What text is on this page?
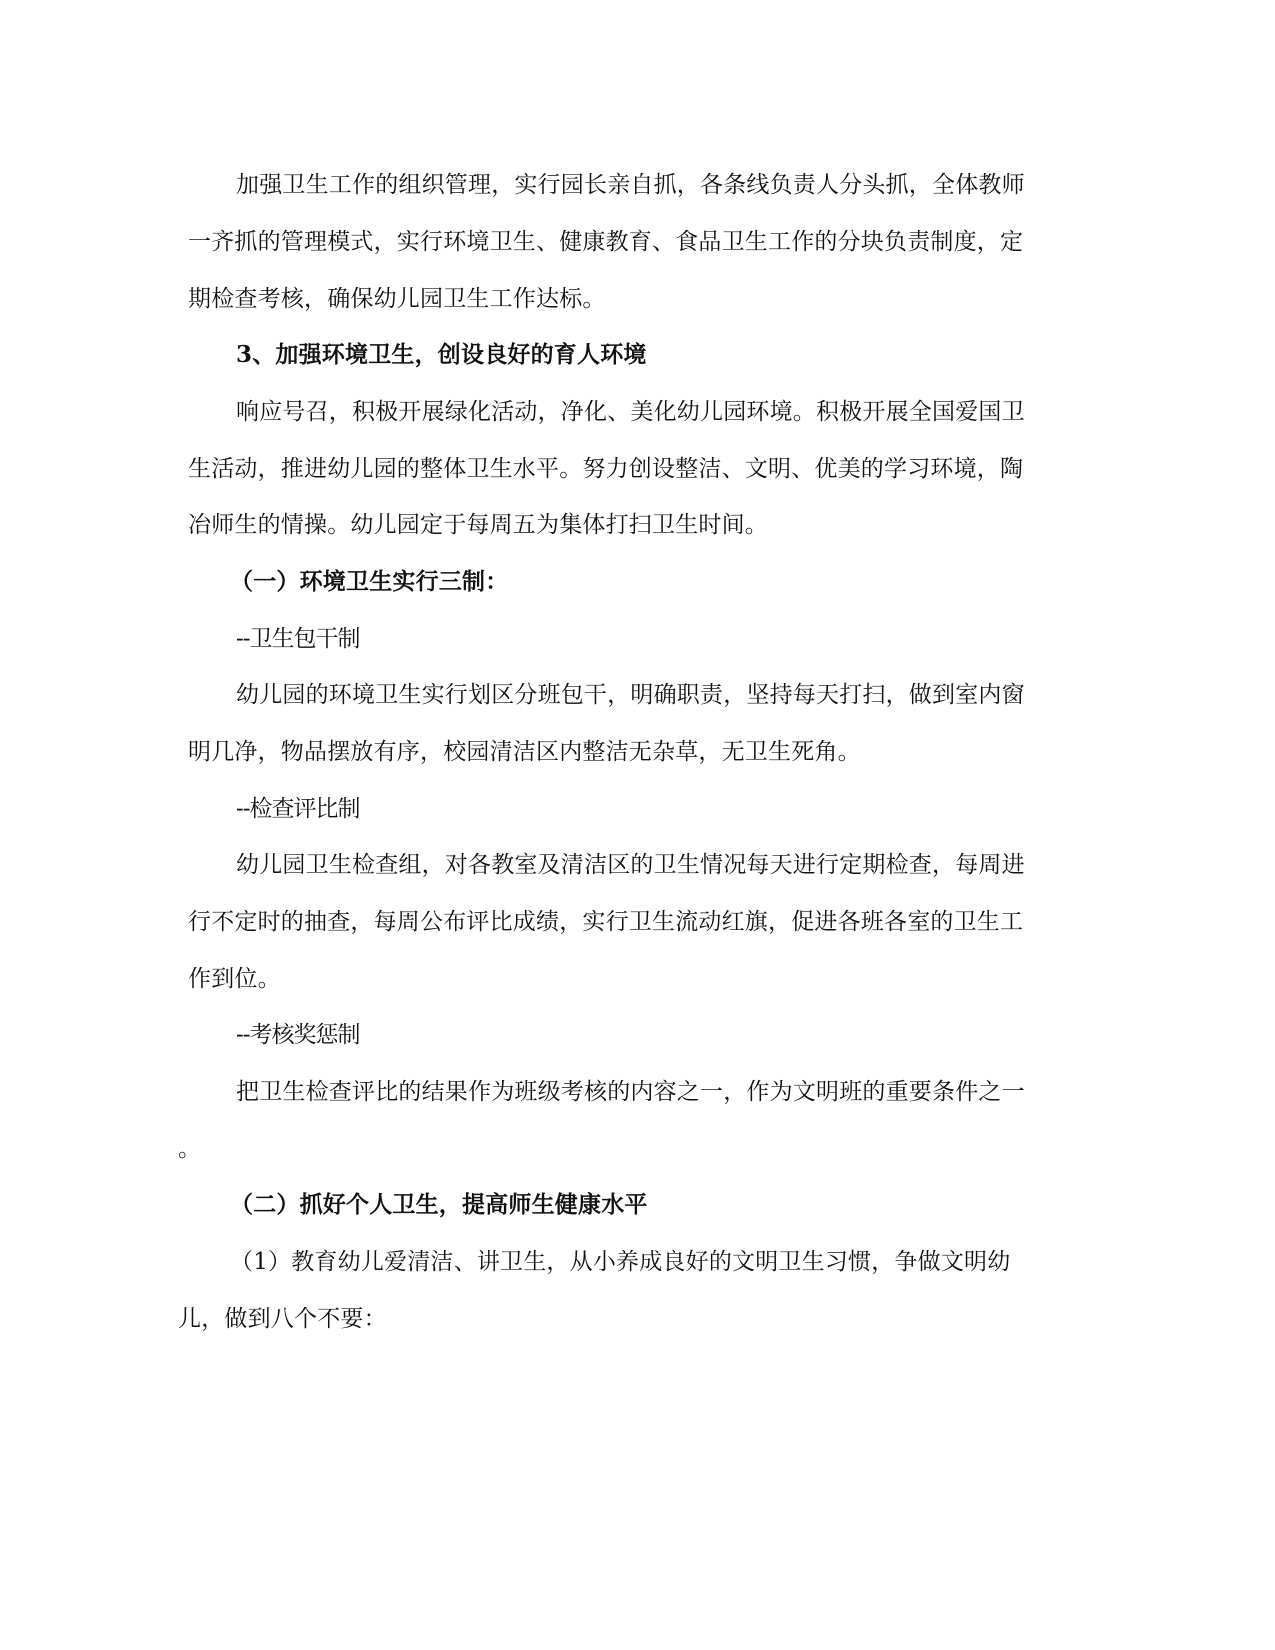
加强卫生工作的组织管理，实行园长亲自抓，各条线负责人分头抓，全体教师
一齐抓的管理模式，实行环境卫生、健康教育、食品卫生工作的分块负责制度，定
期检查考核，确保幼儿园卫生工作达标。
3、加强环境卫生，创设良好的育人环境
响应号召，积极开展绿化活动，净化、美化幼儿园环境。积极开展全国爱国卫
生活动，推进幼儿园的整体卫生水平。努力创设整洁、文明、优美的学习环境，陶
冶师生的情操。幼儿园定于每周五为集体打扫卫生时间。
（一）环境卫生实行三制：
--卫生包干制
幼儿园的环境卫生实行划区分班包干，明确职责，坚持每天打扫，做到室内窗
明几净，物品摆放有序，校园清洁区内整洁无杂草，无卫生死角。
--检查评比制
幼儿园卫生检查组，对各教室及清洁区的卫生情况每天进行定期检查，每周进
行不定时的抽查，每周公布评比成绩，实行卫生流动红旗，促进各班各室的卫生工
作到位。
--考核奖惩制
把卫生检查评比的结果作为班级考核的内容之一，作为文明班的重要条件之一
。
（二）抓好个人卫生，提高师生健康水平
（1）教育幼儿爱清洁、讲卫生，从小养成良好的文明卫生习惯，争做文明幼
儿，做到八个不要：
